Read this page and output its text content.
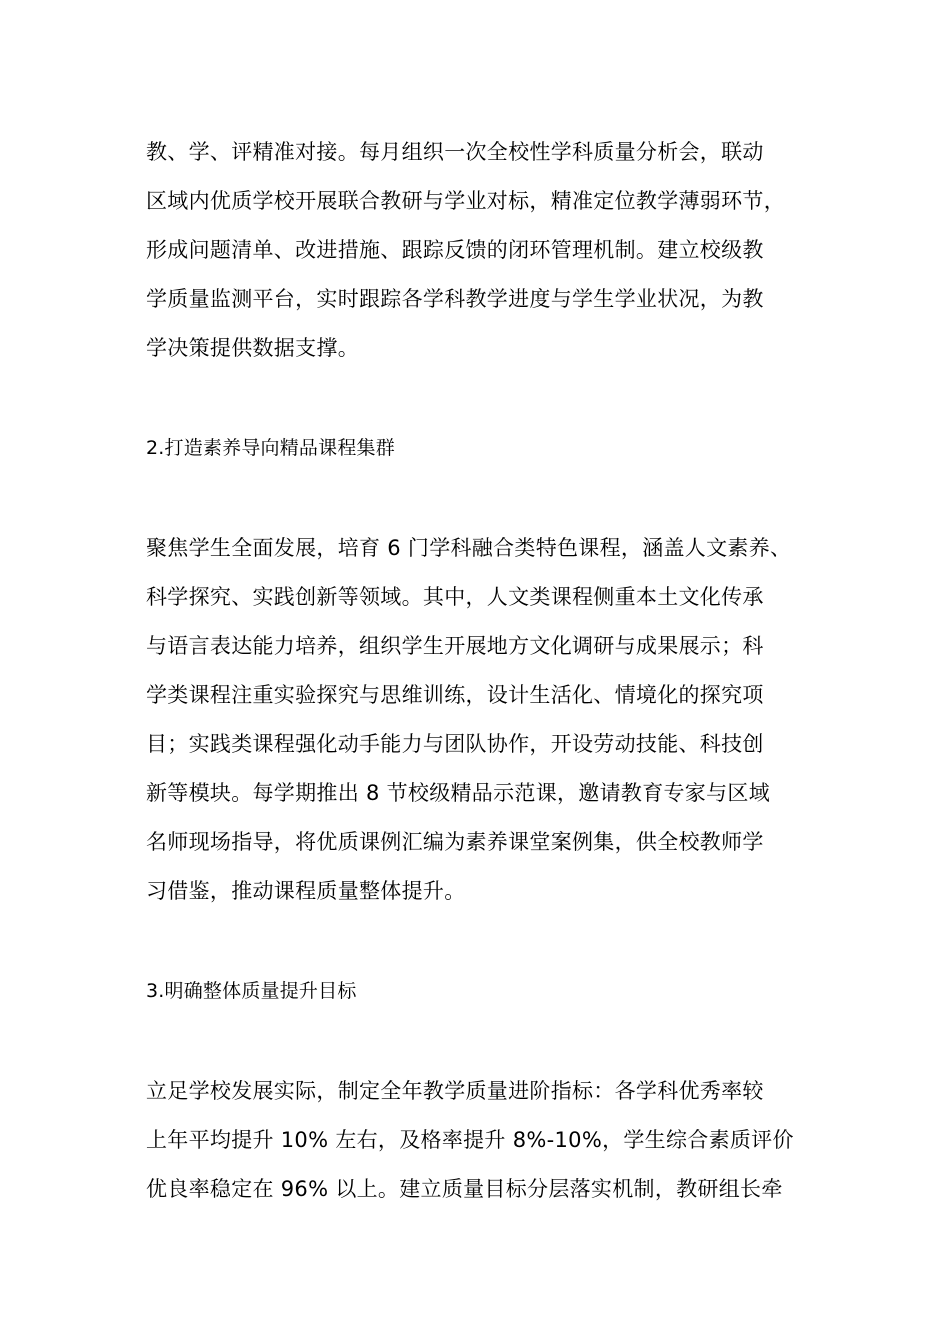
教、学、评精准对接。每月组织一次全校性学科质量分析会，联动
区域内优质学校开展联合教研与学业对标，精准定位教学薄弱环节，
形成问题清单、改进措施、跟踪反馈的闭环管理机制。建立校级教
学质量监测平台，实时跟踪各学科教学进度与学生学业状况，为教
学决策提供数据支撑。

2.打造素养导向精品课程集群

聚焦学生全面发展，培育 6 门学科融合类特色课程，涵盖人文素养、
科学探究、实践创新等领域。其中，人文类课程侧重本土文化传承
与语言表达能力培养，组织学生开展地方文化调研与成果展示；科
学类课程注重实验探究与思维训练，设计生活化、情境化的探究项
目；实践类课程强化动手能力与团队协作，开设劳动技能、科技创
新等模块。每学期推出 8 节校级精品示范课，邀请教育专家与区域
名师现场指导，将优质课例汇编为素养课堂案例集，供全校教师学
习借鉴，推动课程质量整体提升。

3.明确整体质量提升目标

立足学校发展实际，制定全年教学质量进阶指标：各学科优秀率较
上年平均提升 10% 左右，及格率提升 8%-10%，学生综合素质评价
优良率稳定在 96% 以上。建立质量目标分层落实机制，教研组长牵
